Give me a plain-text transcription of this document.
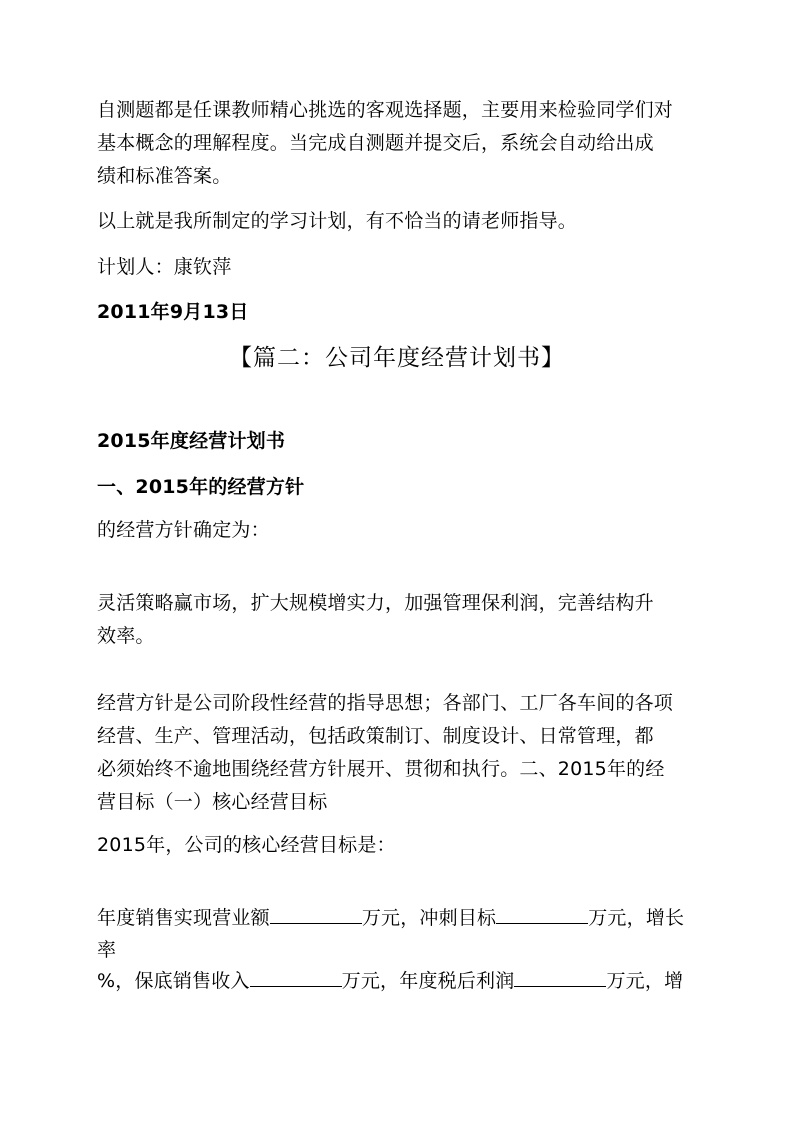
自测题都是任课教师精心挑选的客观选择题，主要用来检验同学们对
基本概念的理解程度。当完成自测题并提交后，系统会自动给出成
绩和标准答案。
以上就是我所制定的学习计划，有不恰当的请老师指导。
计划人：康钦萍
2011年9月13日
【篇二：公司年度经营计划书】
2015年度经营计划书
一、2015年的经营方针
的经营方针确定为：
灵活策略赢市场，扩大规模增实力，加强管理保利润，完善结构升
效率。
经营方针是公司阶段性经营的指导思想；各部门、工厂各车间的各项
经营、生产、管理活动，包括政策制订、制度设计、日常管理，都
必须始终不逾地围绕经营方针展开、贯彻和执行。二、2015年的经
营目标（一）核心经营目标
2015年，公司的核心经营目标是：
年度销售实现营业额	万元，冲刺目标	万元，增长
率
%，保底销售收入	万元，年度税后利润	万元，增
